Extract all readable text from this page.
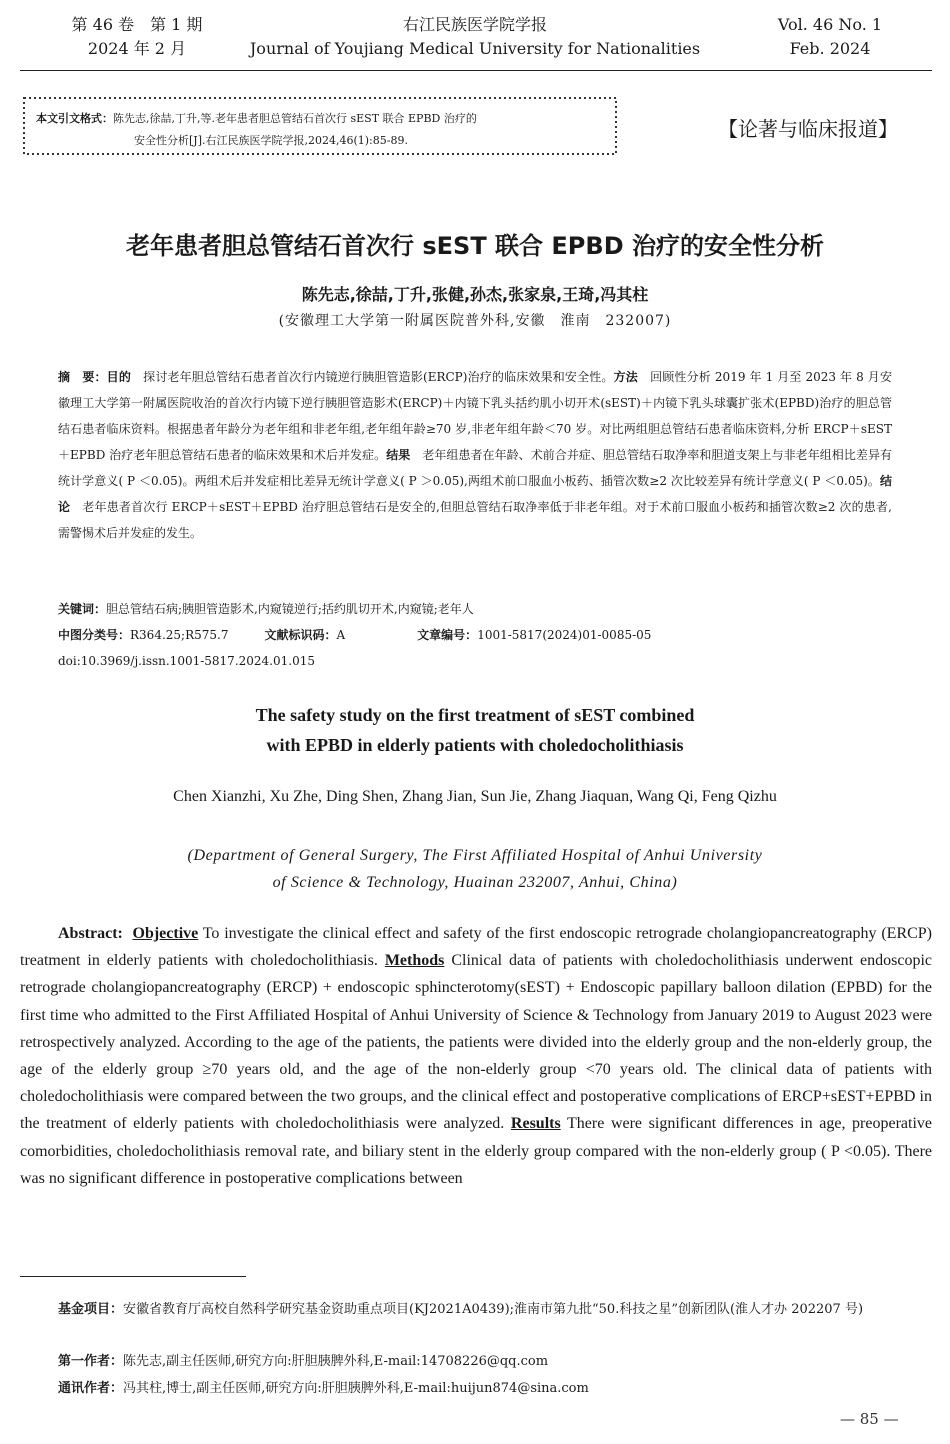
第 46 卷　第 1 期
2024 年 2 月
右江民族医学院学报
Journal of Youjiang Medical University for Nationalities
Vol. 46 No. 1
Feb. 2024
本文引文格式：陈先志,徐喆,丁升,等.老年患者胆总管结石首次行 sEST 联合 EPBD 治疗的
安全性分析[J].右江民族医学院学报,2024,46(1):85-89.	【论著与临床报道】
老年患者胆总管结石首次行 sEST 联合 EPBD 治疗的安全性分析
陈先志,徐喆,丁升,张健,孙杰,张家泉,王琦,冯其柱
(安徽理工大学第一附属医院普外科,安徽　淮南　232007)
摘　要：目的　探讨老年胆总管结石患者首次行内镜逆行胰胆管造影(ERCP)治疗的临床效果和安全性。方法　回顾性分析 2019 年 1 月至 2023 年 8 月安徽理工大学第一附属医院收治的首次行内镜下逆行胰胆管造影术(ERCP)＋内镜下乳头括约肌小切开术(sEST)＋内镜下乳头球囊扩张术(EPBD)治疗的胆总管结石患者临床资料。根据患者年龄分为老年组和非老年组,老年组年龄≥70 岁,非老年组年龄＜70 岁。对比两组胆总管结石患者临床资料,分析 ERCP＋sEST＋EPBD 治疗老年胆总管结石患者的临床效果和术后并发症。结果　老年组患者在年龄、术前合并症、胆总管结石取净率和胆道支架上与非老年组相比差异有统计学意义( P ＜0.05)。两组术后并发症相比差异无统计学意义( P ＞0.05),两组术前口服血小板药、插管次数≥2 次比较差异有统计学意义( P ＜0.05)。结论　老年患者首次行 ERCP＋sEST＋EPBD 治疗胆总管结石是安全的,但胆总管结石取净率低于非老年组。对于术前口服血小板药和插管次数≥2 次的患者,需警惕术后并发症的发生。
关键词：胆总管结石病;胰胆管造影术,内窥镜逆行;括约肌切开术,内窥镜;老年人
中图分类号：R364.25;R575.7	文献标识码：A	文章编号：1001-5817(2024)01-0085-05
doi:10.3969/j.issn.1001-5817.2024.01.015
The safety study on the first treatment of sEST combined
with EPBD in elderly patients with choledocholithiasis
Chen Xianzhi, Xu Zhe, Ding Shen, Zhang Jian, Sun Jie, Zhang Jiaquan, Wang Qi, Feng Qizhu
(Department of General Surgery, The First Affiliated Hospital of Anhui University
of Science & Technology, Huainan 232007, Anhui, China)
Abstract: Objective To investigate the clinical effect and safety of the first endoscopic retrograde cholangiopancreatography (ERCP) treatment in elderly patients with choledocholithiasis. Methods Clinical data of patients with choledocholithiasis underwent endoscopic retrograde cholangiopancreatography (ERCP) + endoscopic sphincterotomy(sEST) + Endoscopic papillary balloon dilation (EPBD) for the first time who admitted to the First Affiliated Hospital of Anhui University of Science & Technology from January 2019 to August 2023 were retrospectively analyzed. According to the age of the patients, the patients were divided into the elderly group and the non-elderly group, the age of the elderly group ≥70 years old, and the age of the non-elderly group <70 years old. The clinical data of patients with choledocholithiasis were compared between the two groups, and the clinical effect and postoperative complications of ERCP+sEST+EPBD in the treatment of elderly patients with choledocholithiasis were analyzed. Results There were significant differences in age, preoperative comorbidities, choledocholithiasis removal rate, and biliary stent in the elderly group compared with the non-elderly group ( P <0.05). There was no significant difference in postoperative complications between
基金项目：安徽省教育厅高校自然科学研究基金资助重点项目(KJ2021A0439);淮南市第九批“50.科技之星”创新团队(淮人才办 202207 号)
第一作者：陈先志,副主任医师,研究方向:肝胆胰脾外科,E-mail:14708226@qq.com
通讯作者：冯其柱,博士,副主任医师,研究方向:肝胆胰脾外科,E-mail:huijun874@sina.com
— 85 —
